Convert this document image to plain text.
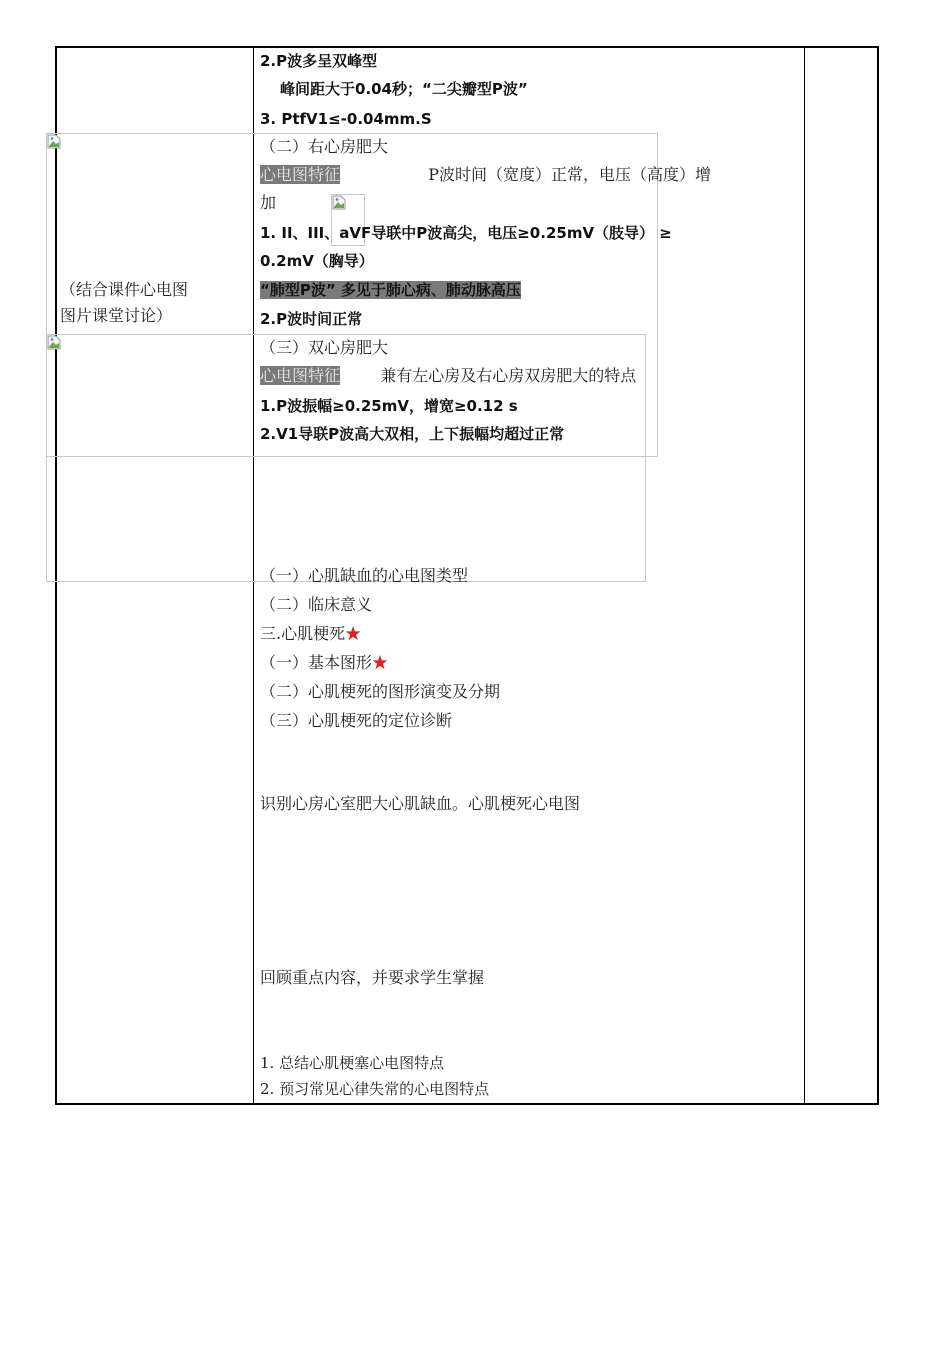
（结合课件心电图
图片课堂讨论）
2.P波多呈双峰型
峰间距大于0.04秒；“二尖瓣型P波”
3. PtfV1≤-0.04mm.S
（二）右心房肥大
心电图特征	P波时间（宽度）正常，电压（高度）增
加
1. II、III、aVF导联中P波高尖，电压≥0.25mV（肢导） ≥
0.2mV（胸导）
“肺型P波” 多见于肺心病、肺动脉高压
2.P波时间正常
（三）双心房肥大
心电图特征	兼有左心房及右心房双房肥大的特点
1.P波振幅≥0.25mV，增宽≥0.12 s
2.V1导联P波高大双相，上下振幅均超过正常
（一）心肌缺血的心电图类型
（二）临床意义
三.心肌梗死★
（一）基本图形★
（二）心肌梗死的图形演变及分期
（三）心肌梗死的定位诊断
识别心房心室肥大心肌缺血。心肌梗死心电图
回顾重点内容，并要求学生掌握
1. 总结心肌梗塞心电图特点
2. 预习常见心律失常的心电图特点
